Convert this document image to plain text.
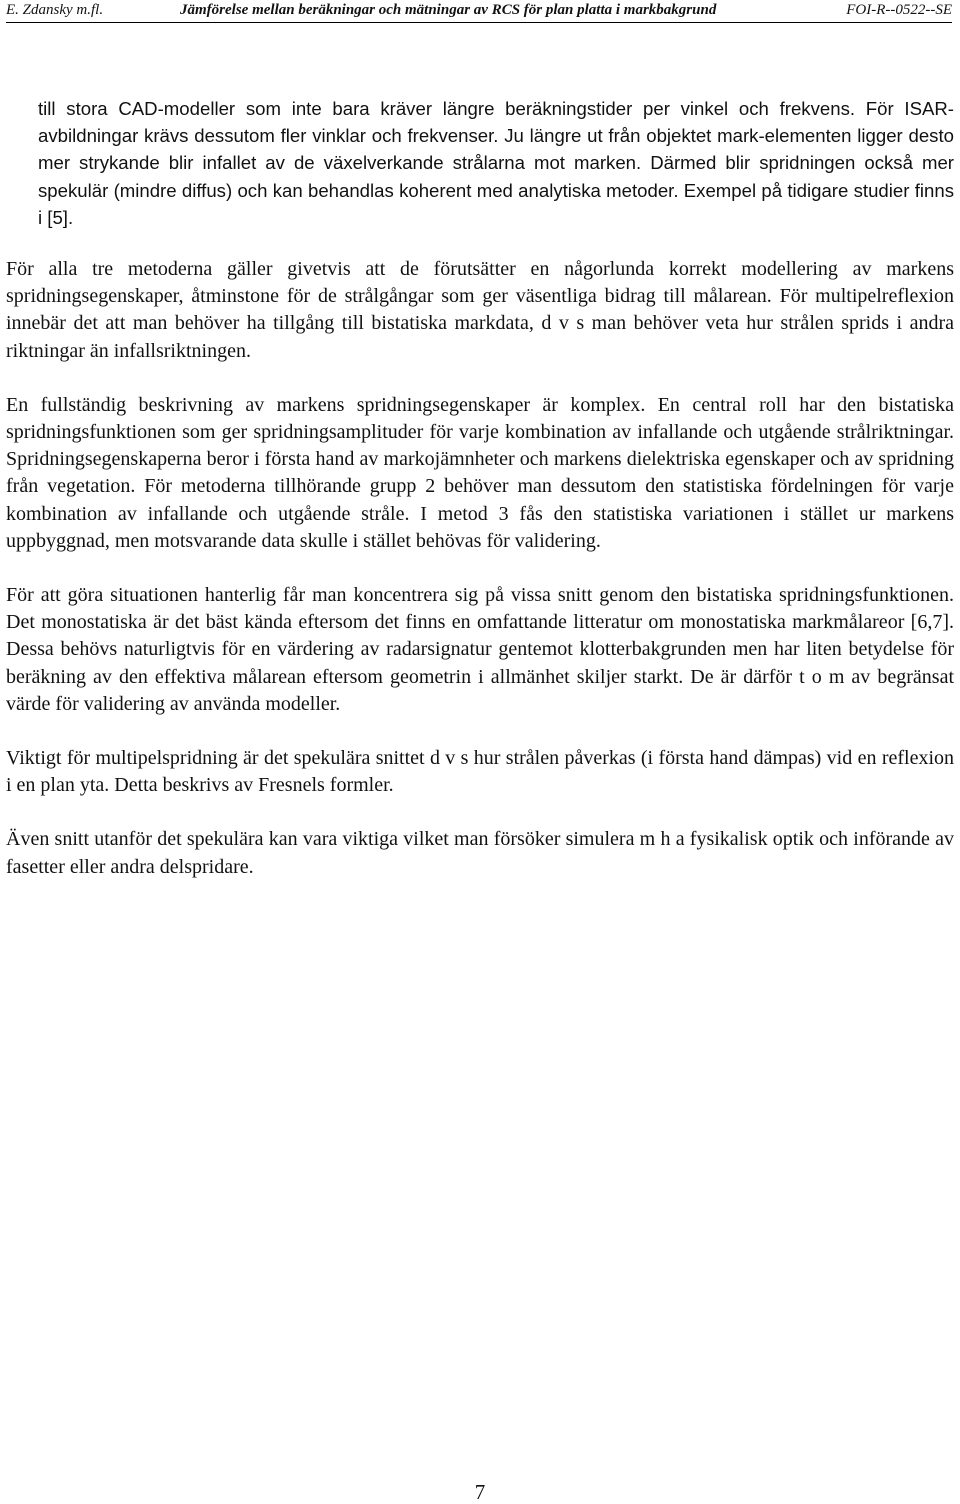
E. Zdansky m.fl.	Jämförelse mellan beräkningar och mätningar av RCS för plan platta i markbakgrund	FOI-R--0522--SE

till stora CAD-modeller som inte bara kräver längre beräkningstider per vinkel och frekvens. För ISAR-avbildningar krävs dessutom fler vinklar och frekvenser. Ju längre ut från objektet mark-elementen ligger desto mer strykande blir infallet av de växelverkande strålarna mot marken. Därmed blir spridningen också mer spekulär (mindre diffus) och kan behandlas koherent med analytiska metoder. Exempel på tidigare studier finns i [5].

För alla tre metoderna gäller givetvis att de förutsätter en någorlunda korrekt modellering av markens spridningsegenskaper, åtminstone för de strålgångar som ger väsentliga bidrag till målarean. För multipelreflexion innebär det att man behöver ha tillgång till bistatiska markdata, d v s man behöver veta hur strålen sprids i andra riktningar än infallsriktningen.

En fullständig beskrivning av markens spridningsegenskaper är komplex. En central roll har den bistatiska spridningsfunktionen som ger spridningsamplituder för varje kombination av infallande och utgående strålriktningar. Spridningsegenskaperna beror i första hand av markojämnheter och markens dielektriska egenskaper och av spridning från vegetation. För metoderna tillhörande grupp 2 behöver man dessutom den statistiska fördelningen för varje kombination av infallande och utgående stråle. I metod 3 fås den statistiska variationen i stället ur markens uppbyggnad, men motsvarande data skulle i stället behövas för validering.

För att göra situationen hanterlig får man koncentrera sig på vissa snitt genom den bistatiska spridningsfunktionen. Det monostatiska är det bäst kända eftersom det finns en omfattande litteratur om monostatiska markmålareor [6,7]. Dessa behövs naturligtvis för en värdering av radarsignatur gentemot klotterbakgrunden men har liten betydelse för beräkning av den effektiva målarean eftersom geometrin i allmänhet skiljer starkt. De är därför t o m av begränsat värde för validering av använda modeller.

Viktigt för multipelspridning är det spekulära snittet d v s hur strålen påverkas (i första hand dämpas) vid en reflexion i en plan yta. Detta beskrivs av Fresnels formler.

Även snitt utanför det spekulära kan vara viktiga vilket man försöker simulera m h a fysikalisk optik och införande av fasetter eller andra delspridare.

7
